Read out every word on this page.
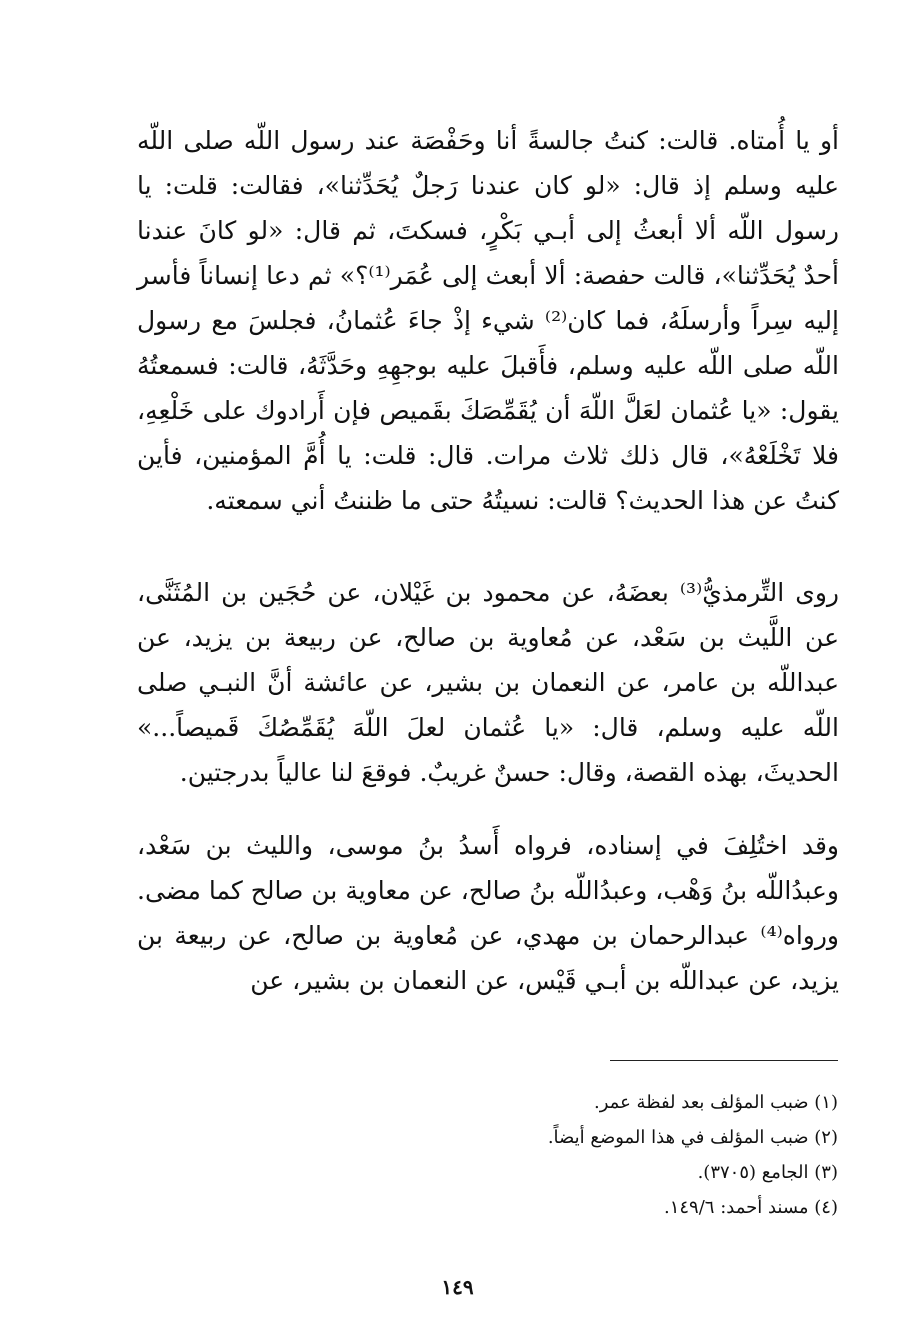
أو يا أُمتاه. قالت: كنتُ جالسةً أنا وحَفْصَة عند رسول اللّه صلى اللّه عليه وسلم إذ قال: «لو كان عندنا رَجلٌ يُحَدِّثنا»، فقالت: قلت: يا رسول اللّه ألا أبعثُ إلى أبـي بَكْرٍ، فسكتَ، ثم قال: «لو كانَ عندنا أحدٌ يُحَدِّثنا»، قالت حفصة: ألا أبعث إلى عُمَر⁽¹⁾؟» ثم دعا إنساناً فأسر إليه سِراً وأرسلَهُ، فما كان⁽²⁾ شيء إذْ جاءَ عُثمانُ، فجلسَ مع رسول اللّه صلى اللّه عليه وسلم، فأَقبلَ عليه بوجهِهِ وحَدَّثَهُ، قالت: فسمعتُهُ يقول: «يا عُثمان لعَلَّ اللّهَ أن يُقَمِّصَكَ بقَميص فإن أَرادوك على خَلْعِهِ، فلا تَخْلَعْهُ»، قال ذلك ثلاث مرات. قال: قلت: يا أُمَّ المؤمنين، فأين كنتُ عن هذا الحديث؟ قالت: نسيتُهُ حتى ما ظننتُ أني سمعته.

روى التِّرمذيُّ⁽³⁾ بعضَهُ، عن محمود بن غَيْلان، عن حُجَين بن المُثَنَّى، عن اللَّيث بن سَعْد، عن مُعاوية بن صالح، عن ربيعة بن يزيد، عن عبداللّه بن عامر، عن النعمان بن بشير، عن عائشة أنَّ النبـي صلى اللّه عليه وسلم، قال: «يا عُثمان لعلَ اللّهَ يُقَمِّصُكَ قَميصاً...» الحديثَ، بهذه القصة، وقال: حسنٌ غريبٌ. فوقعَ لنا عالياً بدرجتين.

وقد اختُلِفَ في إسناده، فرواه أَسدُ بنُ موسى، والليث بن سَعْد، وعبدُاللّه بنُ وَهْب، وعبدُاللّه بنُ صالح، عن معاوية بن صالح كما مضى. ورواه⁽⁴⁾ عبدالرحمان بن مهدي، عن مُعاوية بن صالح، عن ربيعة بن يزيد، عن عبداللّه بن أبـي قَيْس، عن النعمان بن بشير، عن

(١) ضبب المؤلف بعد لفظة عمر.
(٢) ضبب المؤلف في هذا الموضع أيضاً.
(٣) الجامع (٣٧٠٥).
(٤) مسند أحمد: ١٤٩/٦.
١٤٩
